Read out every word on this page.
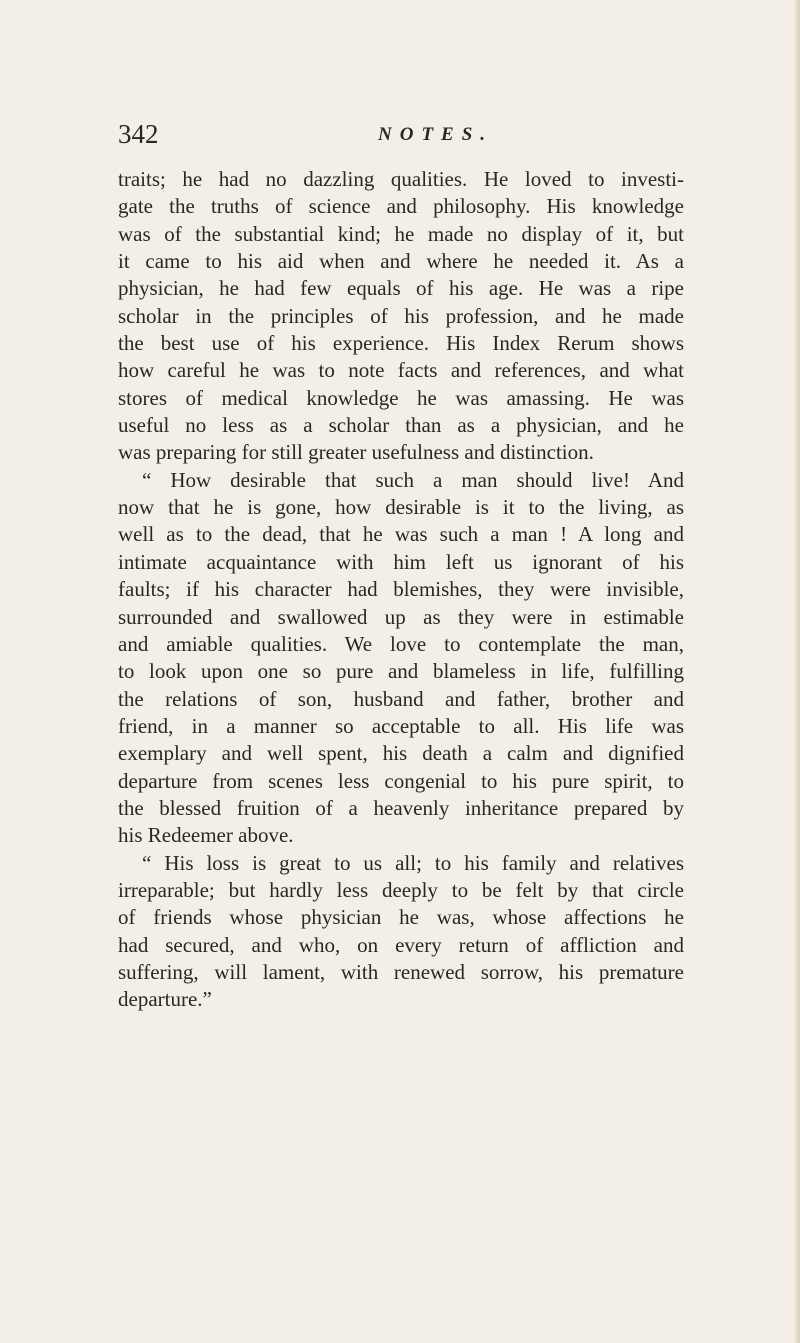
342	NOTES.
traits; he had no dazzling qualities. He loved to investi-
gate the truths of science and philosophy. His knowledge
was of the substantial kind; he made no display of it, but
it came to his aid when and where he needed it. As a
physician, he had few equals of his age. He was a ripe
scholar in the principles of his profession, and he made
the best use of his experience. His Index Rerum shows
how careful he was to note facts and references, and what
stores of medical knowledge he was amassing. He was
useful no less as a scholar than as a physician, and he
was preparing for still greater usefulness and distinction.
“ How desirable that such a man should live! And
now that he is gone, how desirable is it to the living, as
well as to the dead, that he was such a man ! A long and
intimate acquaintance with him left us ignorant of his
faults; if his character had blemishes, they were invisible,
surrounded and swallowed up as they were in estimable
and amiable qualities. We love to contemplate the man,
to look upon one so pure and blameless in life, fulfilling
the relations of son, husband and father, brother and
friend, in a manner so acceptable to all. His life was
exemplary and well spent, his death a calm and dignified
departure from scenes less congenial to his pure spirit, to
the blessed fruition of a heavenly inheritance prepared by
his Redeemer above.
“ His loss is great to us all; to his family and relatives
irreparable; but hardly less deeply to be felt by that circle
of friends whose physician he was, whose affections he
had secured, and who, on every return of affliction and
suffering, will lament, with renewed sorrow, his premature
departure.”
